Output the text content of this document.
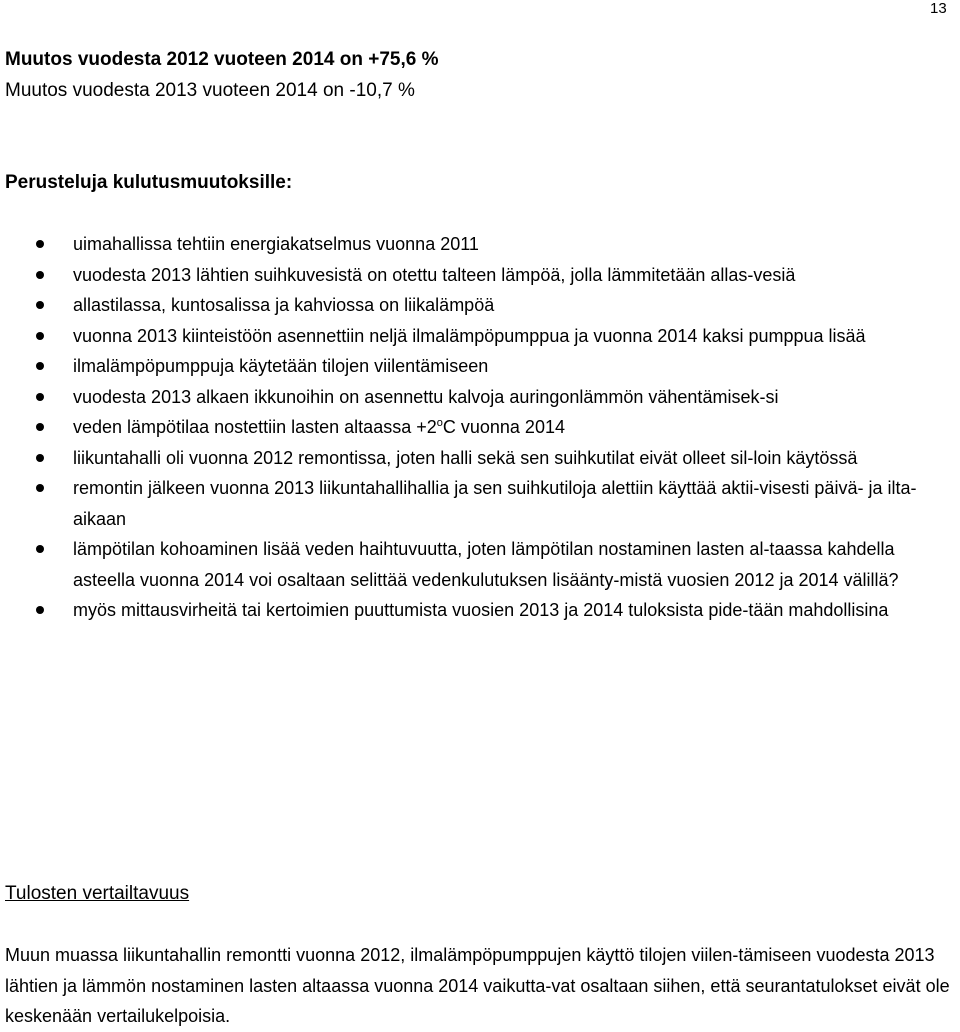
13

Muutos vuodesta 2012 vuoteen 2014 on +75,6 %

Muutos vuodesta 2013 vuoteen 2014 on -10,7 %

Perusteluja kulutusmuutoksille:

uimahallissa tehtiin energiakatselmus vuonna 2011
vuodesta 2013 lähtien suihkuvesistä on otettu talteen lämpöä, jolla lämmitetään allas-vesiä
allastilassa, kuntosalissa ja kahviossa on liikalämpöä
vuonna 2013 kiinteistöön asennettiin neljä ilmalämpöpumppua ja vuonna 2014 kaksi pumppua lisää
ilmalämpöpumppuja käytetään tilojen viilentämiseen
vuodesta 2013 alkaen ikkunoihin on asennettu kalvoja auringonlämmön vähentämisek-si
veden lämpötilaa nostettiin lasten altaassa $+2^oC$ vuonna 2014
liikuntahalli oli vuonna 2012 remontissa, joten halli sekä sen suihkutilat eivät olleet sil-loin käytössä
remontin jälkeen vuonna 2013 liikuntahallihallia ja sen suihkutiloja alettiin käyttää aktii-visesti päivä- ja ilta-aikaan
lämpötilan kohoaminen lisää veden haihtuvuutta, joten lämpötilan nostaminen lasten al-taassa kahdella asteella vuonna 2014 voi osaltaan selittää vedenkulutuksen lisäänty-mistä vuosien 2012 ja 2014 välillä?
myös mittausvirheitä tai kertoimien puuttumista vuosien 2013 ja 2014 tuloksista pide-tään mahdollisina

Tulosten vertailtavuus

Muun muassa liikuntahallin remontti vuonna 2012, ilmalämpöpumppujen käyttö tilojen viilen-tämiseen vuodesta 2013 lähtien ja lämmön nostaminen lasten altaassa vuonna 2014 vaikutta-vat osaltaan siihen, että seurantatulokset eivät ole keskenään vertailukelpoisia.
